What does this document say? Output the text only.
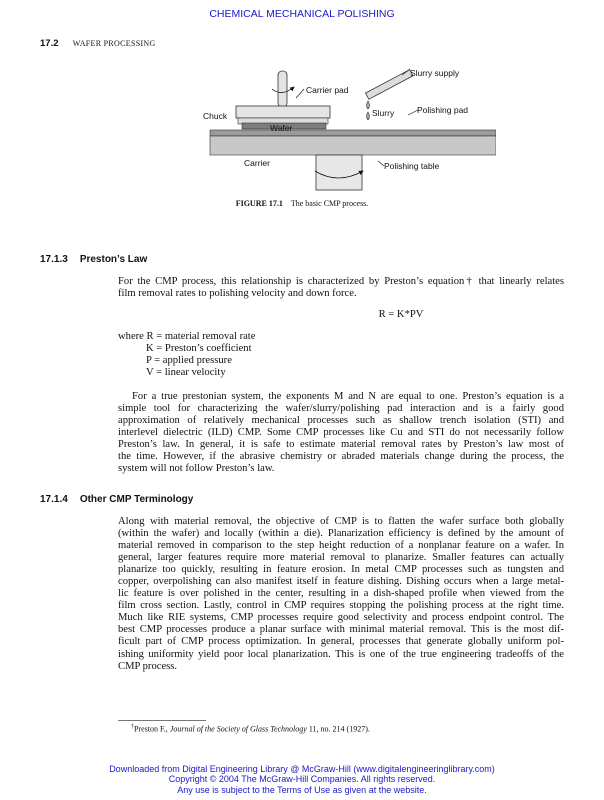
CHEMICAL MECHANICAL POLISHING
17.2 WAFER PROCESSING
Slurry supply
Carrier pad
Chuck	Slurry	Polishing pad
Wafer
Carrier	Polishing table
FIGURE 17.1 The basic CMP process.
17.1.3 Preston’s Law
For the CMP process, this relationship is characterized by Preston’s equation† that linearly relates
film removal rates to polishing velocity and down force.
R = K*PV
where R = material removal rate
K = Preston’s coefficient
P = applied pressure
V = linear velocity
For a true prestonian system, the exponents M and N are equal to one. Preston’s equation is a
simple tool for characterizing the wafer/slurry/polishing pad interaction and is a fairly good
approximation of relatively mechanical processes such as shallow trench isolation (STI) and
interlevel dielectric (ILD) CMP. Some CMP processes like Cu and STI do not necessarily follow
Preston’s law. In general, it is safe to estimate material removal rates by Preston’s law most of
the time. However, if the abrasive chemistry or abraded materials change during the process, the
system will not follow Preston’s law.
17.1.4 Other CMP Terminology
Along with material removal, the objective of CMP is to flatten the wafer surface both globally
(within the wafer) and locally (within a die). Planarization efficiency is defined by the amount of
material removed in comparison to the step height reduction of a nonplanar feature on a wafer. In
general, larger features require more material removal to planarize. Smaller features can actually
planarize too quickly, resulting in feature erosion. In metal CMP processes such as tungsten and
copper, overpolishing can also manifest itself in feature dishing. Dishing occurs when a large metal-
lic feature is over polished in the center, resulting in a dish-shaped profile when viewed from the
film cross section. Lastly, control in CMP requires stopping the polishing process at the right time.
Much like RIE systems, CMP processes require good selectivity and process endpoint control. The
best CMP processes produce a planar surface with minimal material removal. This is the most dif-
ficult part of CMP process optimization. In general, processes that generate globally uniform pol-
ishing uniformity yield poor local planarization. This is one of the true engineering tradeoffs of the
CMP process.
†Preston F., Journal of the Society of Glass Technology 11, no. 214 (1927).
Downloaded from Digital Engineering Library @ McGraw-Hill (www.digitalengineeringlibrary.com)
Copyright © 2004 The McGraw-Hill Companies. All rights reserved.
Any use is subject to the Terms of Use as given at the website.
